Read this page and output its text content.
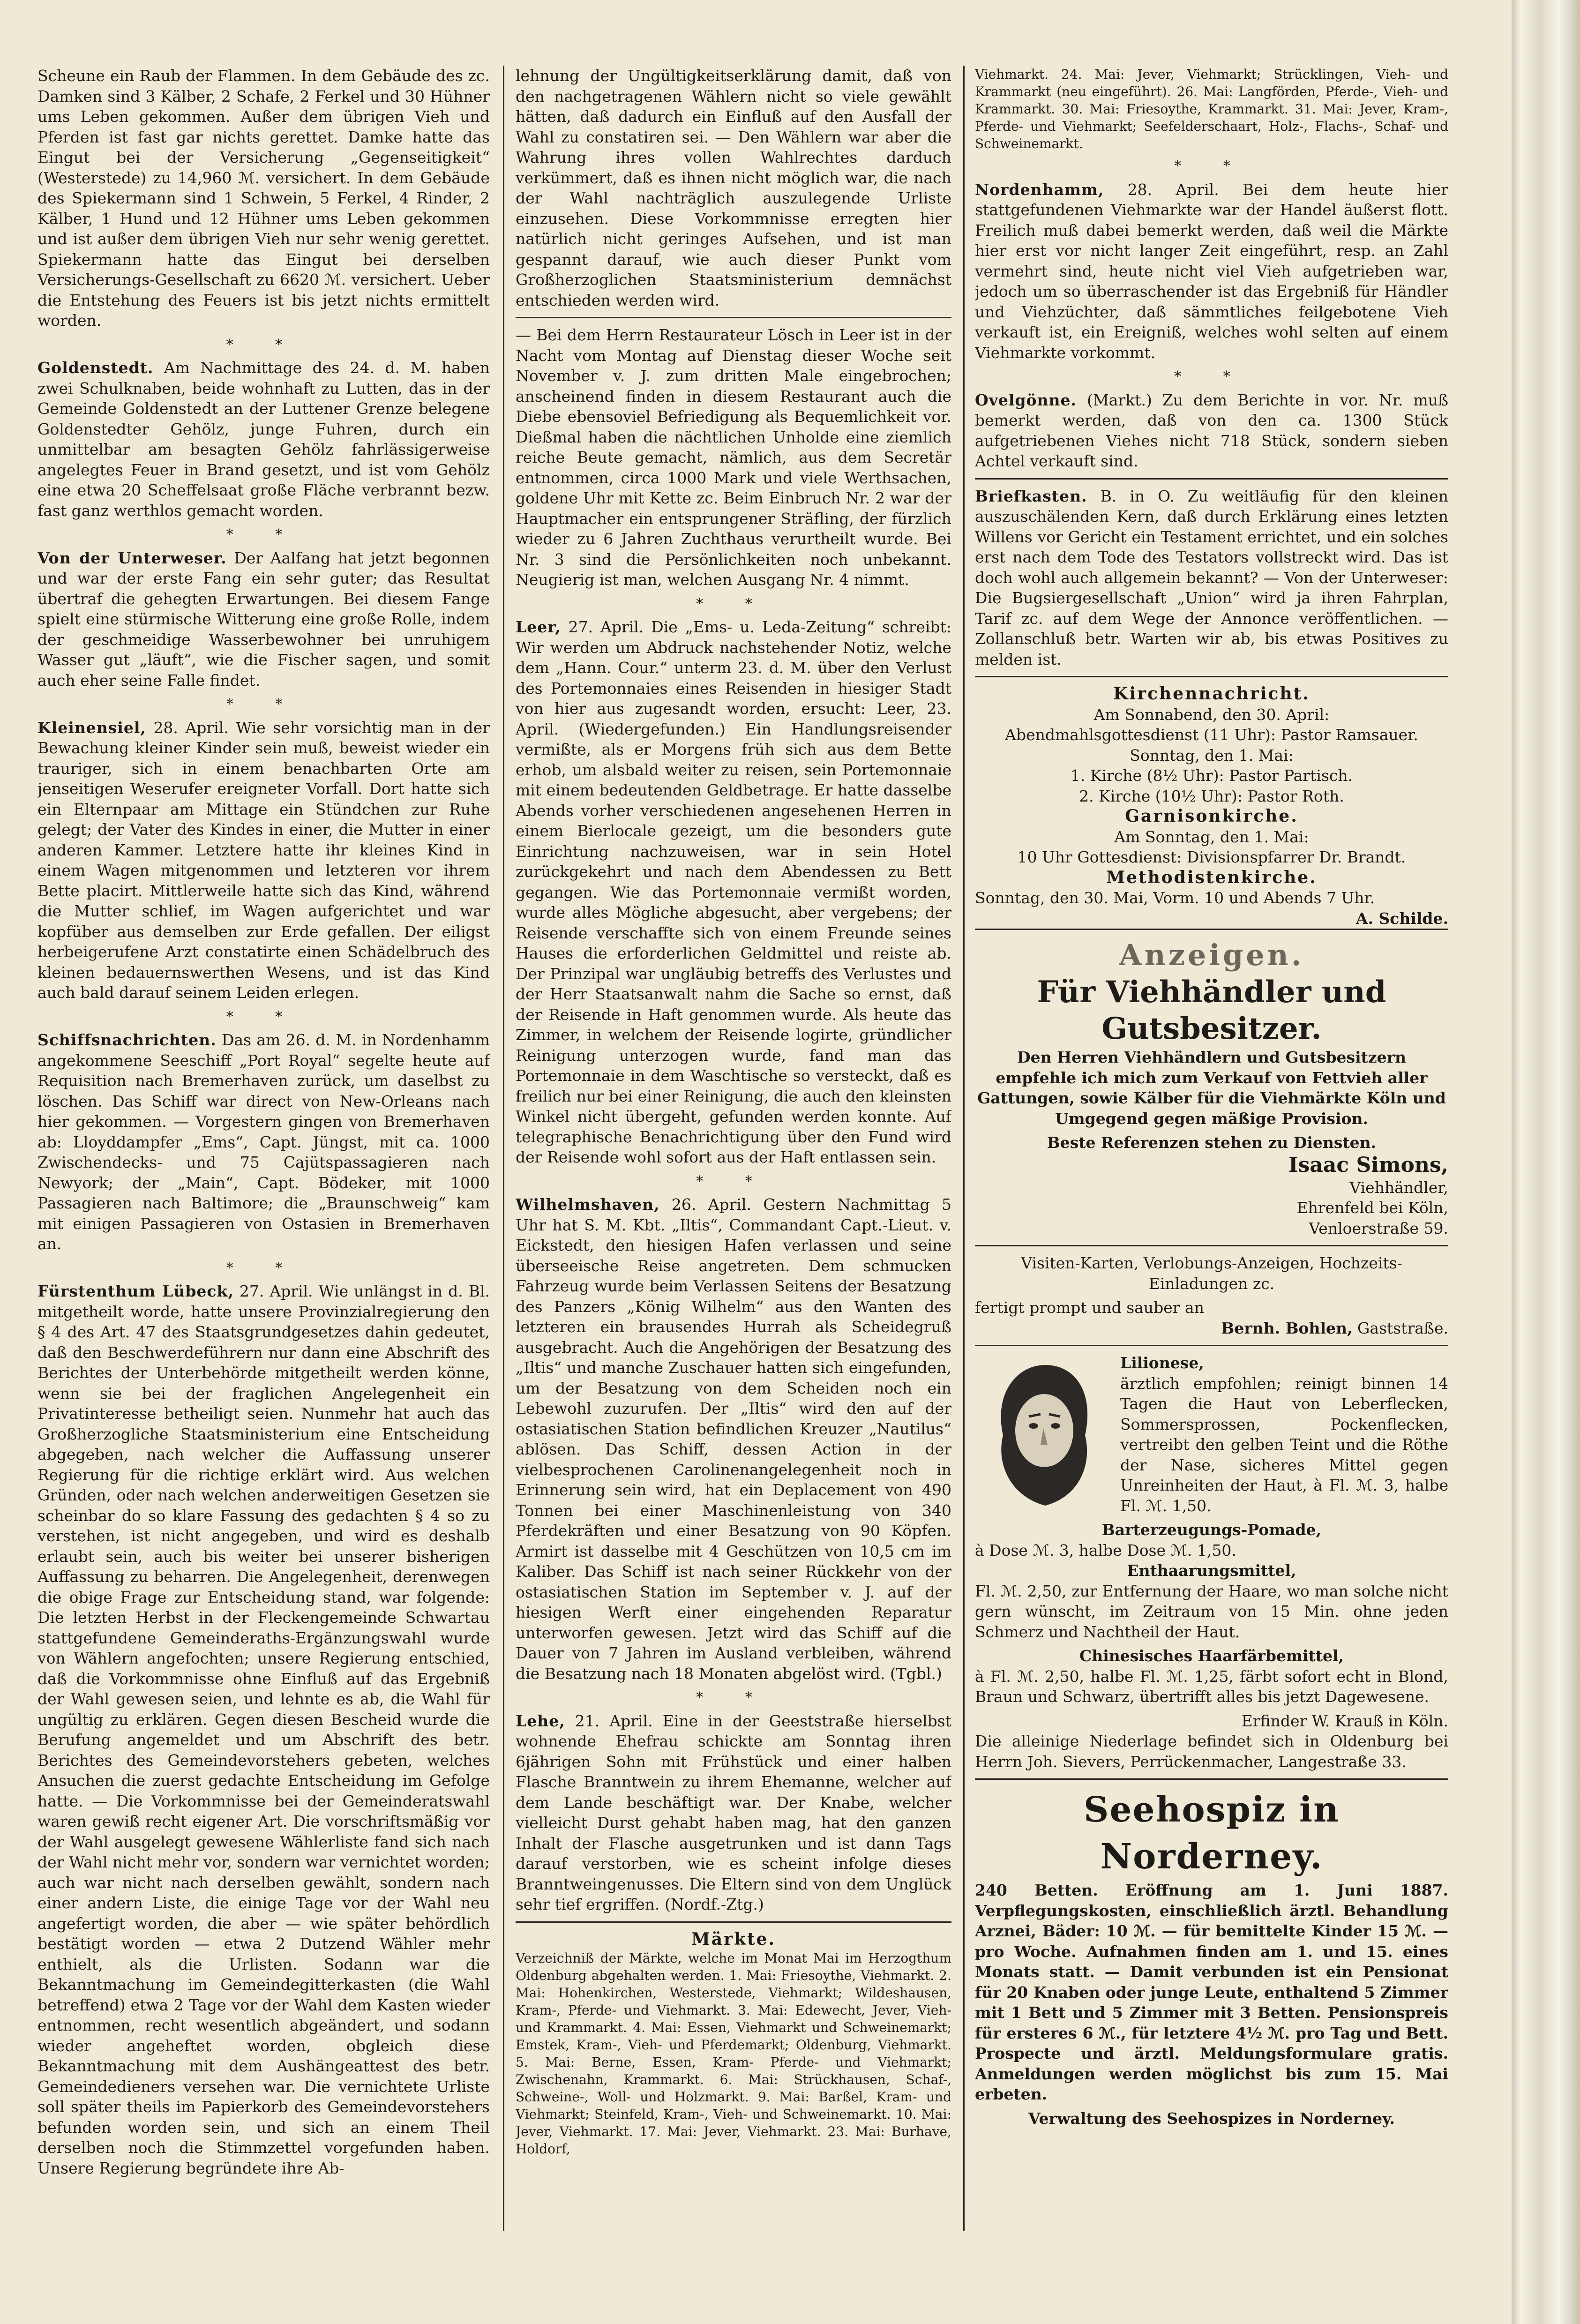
Scheune ein Raub der Flammen. In dem Gebäude des zc. Damken sind 3 Kälber, 2 Schafe, 2 Ferkel und 30 Hühner ums Leben gekommen. Außer dem übrigen Vieh und Pferden ist fast gar nichts gerettet. Damke hatte das Eingut bei der Versicherung „Gegenseitigkeit“ (Westerstede) zu 14,960 ℳ. versichert. In dem Gebäude des Spiekermann sind 1 Schwein, 5 Ferkel, 4 Rinder, 2 Kälber, 1 Hund und 12 Hühner ums Leben gekommen und ist außer dem übrigen Vieh nur sehr wenig gerettet. Spiekermann hatte das Eingut bei derselben Versicherungs-Gesellschaft zu 6620 ℳ. versichert. Ueber die Entstehung des Feuers ist bis jetzt nichts ermittelt worden.

* *

Goldenstedt. Am Nachmittage des 24. d. M. haben zwei Schulknaben, beide wohnhaft zu Lutten, das in der Gemeinde Goldenstedt an der Luttener Grenze belegene Goldenstedter Gehölz, junge Fuhren, durch ein unmittelbar am besagten Gehölz fahrlässigerweise angelegtes Feuer in Brand gesetzt, und ist vom Gehölz eine etwa 20 Scheffelsaat große Fläche verbrannt bezw. fast ganz werthlos gemacht worden.

* *

Von der Unterweser. Der Aalfang hat jetzt begonnen und war der erste Fang ein sehr guter; das Resultat übertraf die gehegten Erwartungen. Bei diesem Fange spielt eine stürmische Witterung eine große Rolle, indem der geschmeidige Wasserbewohner bei unruhigem Wasser gut „läuft“, wie die Fischer sagen, und somit auch eher seine Falle findet.

* *

Kleinensiel, 28. April. Wie sehr vorsichtig man in der Bewachung kleiner Kinder sein muß, beweist wieder ein trauriger, sich in einem benachbarten Orte am jenseitigen Weserufer ereigneter Vorfall. Dort hatte sich ein Elternpaar am Mittage ein Stündchen zur Ruhe gelegt; der Vater des Kindes in einer, die Mutter in einer anderen Kammer. Letztere hatte ihr kleines Kind in einem Wagen mitgenommen und letzteren vor ihrem Bette placirt. Mittlerweile hatte sich das Kind, während die Mutter schlief, im Wagen aufgerichtet und war kopfüber aus demselben zur Erde gefallen. Der eiligst herbeigerufene Arzt constatirte einen Schädelbruch des kleinen bedauernswerthen Wesens, und ist das Kind auch bald darauf seinem Leiden erlegen.

* *

Schiffsnachrichten. Das am 26. d. M. in Nordenhamm angekommene Seeschiff „Port Royal“ segelte heute auf Requisition nach Bremerhaven zurück, um daselbst zu löschen. Das Schiff war direct von New-Orleans nach hier gekommen. — Vorgestern gingen von Bremerhaven ab: Lloyddampfer „Ems“, Capt. Jüngst, mit ca. 1000 Zwischendecks- und 75 Cajütspassagieren nach Newyork; der „Main“, Capt. Bödeker, mit 1000 Passagieren nach Baltimore; die „Braunschweig“ kam mit einigen Passagieren von Ostasien in Bremerhaven an.

* *

Fürstenthum Lübeck, 27. April. Wie unlängst in d. Bl. mitgetheilt worde, hatte unsere Provinzialregierung den § 4 des Art. 47 des Staatsgrundgesetzes dahin gedeutet, daß den Beschwerdeführern nur dann eine Abschrift des Berichtes der Unterbehörde mitgetheilt werden könne, wenn sie bei der fraglichen Angelegenheit ein Privatinteresse betheiligt seien. Nunmehr hat auch das Großherzogliche Staatsministerium eine Entscheidung abgegeben, nach welcher die Auffassung unserer Regierung für die richtige erklärt wird. Aus welchen Gründen, oder nach welchen anderweitigen Gesetzen sie scheinbar do so klare Fassung des gedachten § 4 so zu verstehen, ist nicht angegeben, und wird es deshalb erlaubt sein, auch bis weiter bei unserer bisherigen Auffassung zu beharren. Die Angelegenheit, derenwegen die obige Frage zur Entscheidung stand, war folgende: Die letzten Herbst in der Fleckengemeinde Schwartau stattgefundene Gemeinderaths-Ergänzungswahl wurde von Wählern angefochten; unsere Regierung entschied, daß die Vorkommnisse ohne Einfluß auf das Ergebniß der Wahl gewesen seien, und lehnte es ab, die Wahl für ungültig zu erklären. Gegen diesen Bescheid wurde die Berufung angemeldet und um Abschrift des betr. Berichtes des Gemeindevorstehers gebeten, welches Ansuchen die zuerst gedachte Entscheidung im Gefolge hatte. — Die Vorkommnisse bei der Gemeinderatswahl waren gewiß recht eigener Art. Die vorschriftsmäßig vor der Wahl ausgelegt gewesene Wählerliste fand sich nach der Wahl nicht mehr vor, sondern war vernichtet worden; auch war nicht nach derselben gewählt, sondern nach einer andern Liste, die einige Tage vor der Wahl neu angefertigt worden, die aber — wie später behördlich bestätigt worden — etwa 2 Dutzend Wähler mehr enthielt, als die Urlisten. Sodann war die Bekanntmachung im Gemeindegitterkasten (die Wahl betreffend) etwa 2 Tage vor der Wahl dem Kasten wieder entnommen, recht wesentlich abgeändert, und sodann wieder angeheftet worden, obgleich diese Bekanntmachung mit dem Aushängeattest des betr. Gemeindedieners versehen war. Die vernichtete Urliste soll später theils im Papierkorb des Gemeindevorstehers befunden worden sein, und sich an einem Theil derselben noch die Stimmzettel vorgefunden haben. Unsere Regierung begründete ihre Ab-

lehnung der Ungültigkeitserklärung damit, daß von den nachgetragenen Wählern nicht so viele gewählt hätten, daß dadurch ein Einfluß auf den Ausfall der Wahl zu constatiren sei. — Den Wählern war aber die Wahrung ihres vollen Wahlrechtes darduch verkümmert, daß es ihnen nicht möglich war, die nach der Wahl nachträglich auszulegende Urliste einzusehen. Diese Vorkommnisse erregten hier natürlich nicht geringes Aufsehen, und ist man gespannt darauf, wie auch dieser Punkt vom Großherzoglichen Staatsministerium demnächst entschieden werden wird.

— Bei dem Herrn Restaurateur Lösch in Leer ist in der Nacht vom Montag auf Dienstag dieser Woche seit November v. J. zum dritten Male eingebrochen; anscheinend finden in diesem Restaurant auch die Diebe ebensoviel Befriedigung als Bequemlichkeit vor. Dießmal haben die nächtlichen Unholde eine ziemlich reiche Beute gemacht, nämlich, aus dem Secretär entnommen, circa 1000 Mark und viele Werthsachen, goldene Uhr mit Kette zc. Beim Einbruch Nr. 2 war der Hauptmacher ein entsprungener Sträfling, der fürzlich wieder zu 6 Jahren Zuchthaus verurtheilt wurde. Bei Nr. 3 sind die Persönlichkeiten noch unbekannt. Neugierig ist man, welchen Ausgang Nr. 4 nimmt.

* *

Leer, 27. April. Die „Ems- u. Leda-Zeitung“ schreibt: Wir werden um Abdruck nachstehender Notiz, welche dem „Hann. Cour.“ unterm 23. d. M. über den Verlust des Portemonnaies eines Reisenden in hiesiger Stadt von hier aus zugesandt worden, ersucht: Leer, 23. April. (Wiedergefunden.) Ein Handlungsreisender vermißte, als er Morgens früh sich aus dem Bette erhob, um alsbald weiter zu reisen, sein Portemonnaie mit einem bedeutenden Geldbetrage. Er hatte dasselbe Abends vorher verschiedenen angesehenen Herren in einem Bierlocale gezeigt, um die besonders gute Einrichtung nachzuweisen, war in sein Hotel zurückgekehrt und nach dem Abendessen zu Bett gegangen. Wie das Portemonnaie vermißt worden, wurde alles Mögliche abgesucht, aber vergebens; der Reisende verschaffte sich von einem Freunde seines Hauses die erforderlichen Geldmittel und reiste ab. Der Prinzipal war ungläubig betreffs des Verlustes und der Herr Staatsanwalt nahm die Sache so ernst, daß der Reisende in Haft genommen wurde. Als heute das Zimmer, in welchem der Reisende logirte, gründlicher Reinigung unterzogen wurde, fand man das Portemonnaie in dem Waschtische so versteckt, daß es freilich nur bei einer Reinigung, die auch den kleinsten Winkel nicht übergeht, gefunden werden konnte. Auf telegraphische Benachrichtigung über den Fund wird der Reisende wohl sofort aus der Haft entlassen sein.

* *

Wilhelmshaven, 26. April. Gestern Nachmittag 5 Uhr hat S. M. Kbt. „Iltis“, Commandant Capt.-Lieut. v. Eickstedt, den hiesigen Hafen verlassen und seine überseeische Reise angetreten. Dem schmucken Fahrzeug wurde beim Verlassen Seitens der Besatzung des Panzers „König Wilhelm“ aus den Wanten des letzteren ein brausendes Hurrah als Scheidegruß ausgebracht. Auch die Angehörigen der Besatzung des „Iltis“ und manche Zuschauer hatten sich eingefunden, um der Besatzung von dem Scheiden noch ein Lebewohl zuzurufen. Der „Iltis“ wird den auf der ostasiatischen Station befindlichen Kreuzer „Nautilus“ ablösen. Das Schiff, dessen Action in der vielbesprochenen Carolinenangelegenheit noch in Erinnerung sein wird, hat ein Deplacement von 490 Tonnen bei einer Maschinenleistung von 340 Pferdekräften und einer Besatzung von 90 Köpfen. Armirt ist dasselbe mit 4 Geschützen von 10,5 cm im Kaliber. Das Schiff ist nach seiner Rückkehr von der ostasiatischen Station im September v. J. auf der hiesigen Werft einer eingehenden Reparatur unterworfen gewesen. Jetzt wird das Schiff auf die Dauer von 7 Jahren im Ausland verbleiben, während die Besatzung nach 18 Monaten abgelöst wird. (Tgbl.)

* *

Lehe, 21. April. Eine in der Geeststraße hierselbst wohnende Ehefrau schickte am Sonntag ihren 6jährigen Sohn mit Frühstück und einer halben Flasche Branntwein zu ihrem Ehemanne, welcher auf dem Lande beschäftigt war. Der Knabe, welcher vielleicht Durst gehabt haben mag, hat den ganzen Inhalt der Flasche ausgetrunken und ist dann Tags darauf verstorben, wie es scheint infolge dieses Branntweingenusses. Die Eltern sind von dem Unglück sehr tief ergriffen. (Nordf.-Ztg.)

Märkte.

Verzeichniß der Märkte, welche im Monat Mai im Herzogthum Oldenburg abgehalten werden. 1. Mai: Friesoythe, Viehmarkt. 2. Mai: Hohenkirchen, Westerstede, Viehmarkt; Wildeshausen, Kram-, Pferde- und Viehmarkt. 3. Mai: Edewecht, Jever, Vieh- und Krammarkt. 4. Mai: Essen, Viehmarkt und Schweinemarkt; Emstek, Kram-, Vieh- und Pferdemarkt; Oldenburg, Viehmarkt. 5. Mai: Berne, Essen, Kram- Pferde- und Viehmarkt; Zwischenahn, Krammarkt. 6. Mai: Strückhausen, Schaf-, Schweine-, Woll- und Holzmarkt. 9. Mai: Barßel, Kram- und Viehmarkt; Steinfeld, Kram-, Vieh- und Schweinemarkt. 10. Mai: Jever, Viehmarkt. 17. Mai: Jever, Viehmarkt. 23. Mai: Burhave, Holdorf,

Viehmarkt. 24. Mai: Jever, Viehmarkt; Strücklingen, Vieh- und Krammarkt (neu eingeführt). 26. Mai: Langförden, Pferde-, Vieh- und Krammarkt. 30. Mai: Friesoythe, Krammarkt. 31. Mai: Jever, Kram-, Pferde- und Viehmarkt; Seefelderschaart, Holz-, Flachs-, Schaf- und Schweinemarkt.

* *

Nordenhamm, 28. April. Bei dem heute hier stattgefundenen Viehmarkte war der Handel äußerst flott. Freilich muß dabei bemerkt werden, daß weil die Märkte hier erst vor nicht langer Zeit eingeführt, resp. an Zahl vermehrt sind, heute nicht viel Vieh aufgetrieben war, jedoch um so überraschender ist das Ergebniß für Händler und Viehzüchter, daß sämmtliches feilgebotene Vieh verkauft ist, ein Ereigniß, welches wohl selten auf einem Viehmarkte vorkommt.

* *

Ovelgönne. (Markt.) Zu dem Berichte in vor. Nr. muß bemerkt werden, daß von den ca. 1300 Stück aufgetriebenen Viehes nicht 718 Stück, sondern sieben Achtel verkauft sind.

Briefkasten. B. in O. Zu weitläufig für den kleinen auszuschälenden Kern, daß durch Erklärung eines letzten Willens vor Gericht ein Testament errichtet, und ein solches erst nach dem Tode des Testators vollstreckt wird. Das ist doch wohl auch allgemein bekannt? — Von der Unterweser: Die Bugsiergesellschaft „Union“ wird ja ihren Fahrplan, Tarif zc. auf dem Wege der Annonce veröffentlichen. — Zollanschluß betr. Warten wir ab, bis etwas Positives zu melden ist.

Kirchennachricht.
Am Sonnabend, den 30. April:
Abendmahlsgottesdienst (11 Uhr): Pastor Ramsauer.
Sonntag, den 1. Mai:
1. Kirche (8½ Uhr): Pastor Partisch.
2. Kirche (10½ Uhr): Pastor Roth.
Garnisonkirche.
Am Sonntag, den 1. Mai:
10 Uhr Gottesdienst: Divisionspfarrer Dr. Brandt.
Methodistenkirche.
Sonntag, den 30. Mai, Vorm. 10 und Abends 7 Uhr.
A. Schilde.
Anzeigen.
Für Viehhändler und Gutsbesitzer.

Den Herren Viehhändlern und Gutsbesitzern empfehle ich mich zum Verkauf von Fettvieh aller Gattungen, sowie Kälber für die Viehmärkte Köln und Umgegend gegen mäßige Provision.

Beste Referenzen stehen zu Diensten.
Isaac Simons,
Viehhändler,
Ehrenfeld bei Köln,
Venloerstraße 59.

Visiten-Karten, Verlobungs-Anzeigen, Hochzeits-Einladungen zc.

fertigt prompt und sauber an
Bernh. Bohlen, Gaststraße.
Lilionese,

ärztlich empfohlen; reinigt binnen 14 Tagen die Haut von Leberflecken, Sommersprossen, Pockenflecken, vertreibt den gelben Teint und die Röthe der Nase, sicheres Mittel gegen Unreinheiten der Haut, à Fl. ℳ. 3, halbe Fl. ℳ. 1,50.

Barterzeugungs-Pomade,
à Dose ℳ. 3, halbe Dose ℳ. 1,50.
Enthaarungsmittel,

Fl. ℳ. 2,50, zur Entfernung der Haare, wo man solche nicht gern wünscht, im Zeitraum von 15 Min. ohne jeden Schmerz und Nachtheil der Haut.

Chinesisches Haarfärbemittel,

à Fl. ℳ. 2,50, halbe Fl. ℳ. 1,25, färbt sofort echt in Blond, Braun und Schwarz, übertrifft alles bis jetzt Dagewesene.

Erfinder W. Krauß in Köln.

Die alleinige Niederlage befindet sich in Oldenburg bei Herrn Joh. Sievers, Perrückenmacher, Langestraße 33.

Seehospiz in Norderney.

240 Betten. Eröffnung am 1. Juni 1887. Verpflegungskosten, einschließlich ärztl. Behandlung Arznei, Bäder: 10 ℳ. — für bemittelte Kinder 15 ℳ. — pro Woche. Aufnahmen finden am 1. und 15. eines Monats statt. — Damit verbunden ist ein Pensionat für 20 Knaben oder junge Leute, enthaltend 5 Zimmer mit 1 Bett und 5 Zimmer mit 3 Betten. Pensionspreis für ersteres 6 ℳ., für letztere 4½ ℳ. pro Tag und Bett. Prospecte und ärztl. Meldungsformulare gratis. Anmeldungen werden möglichst bis zum 15. Mai erbeten.

Verwaltung des Seehospizes in Norderney.
